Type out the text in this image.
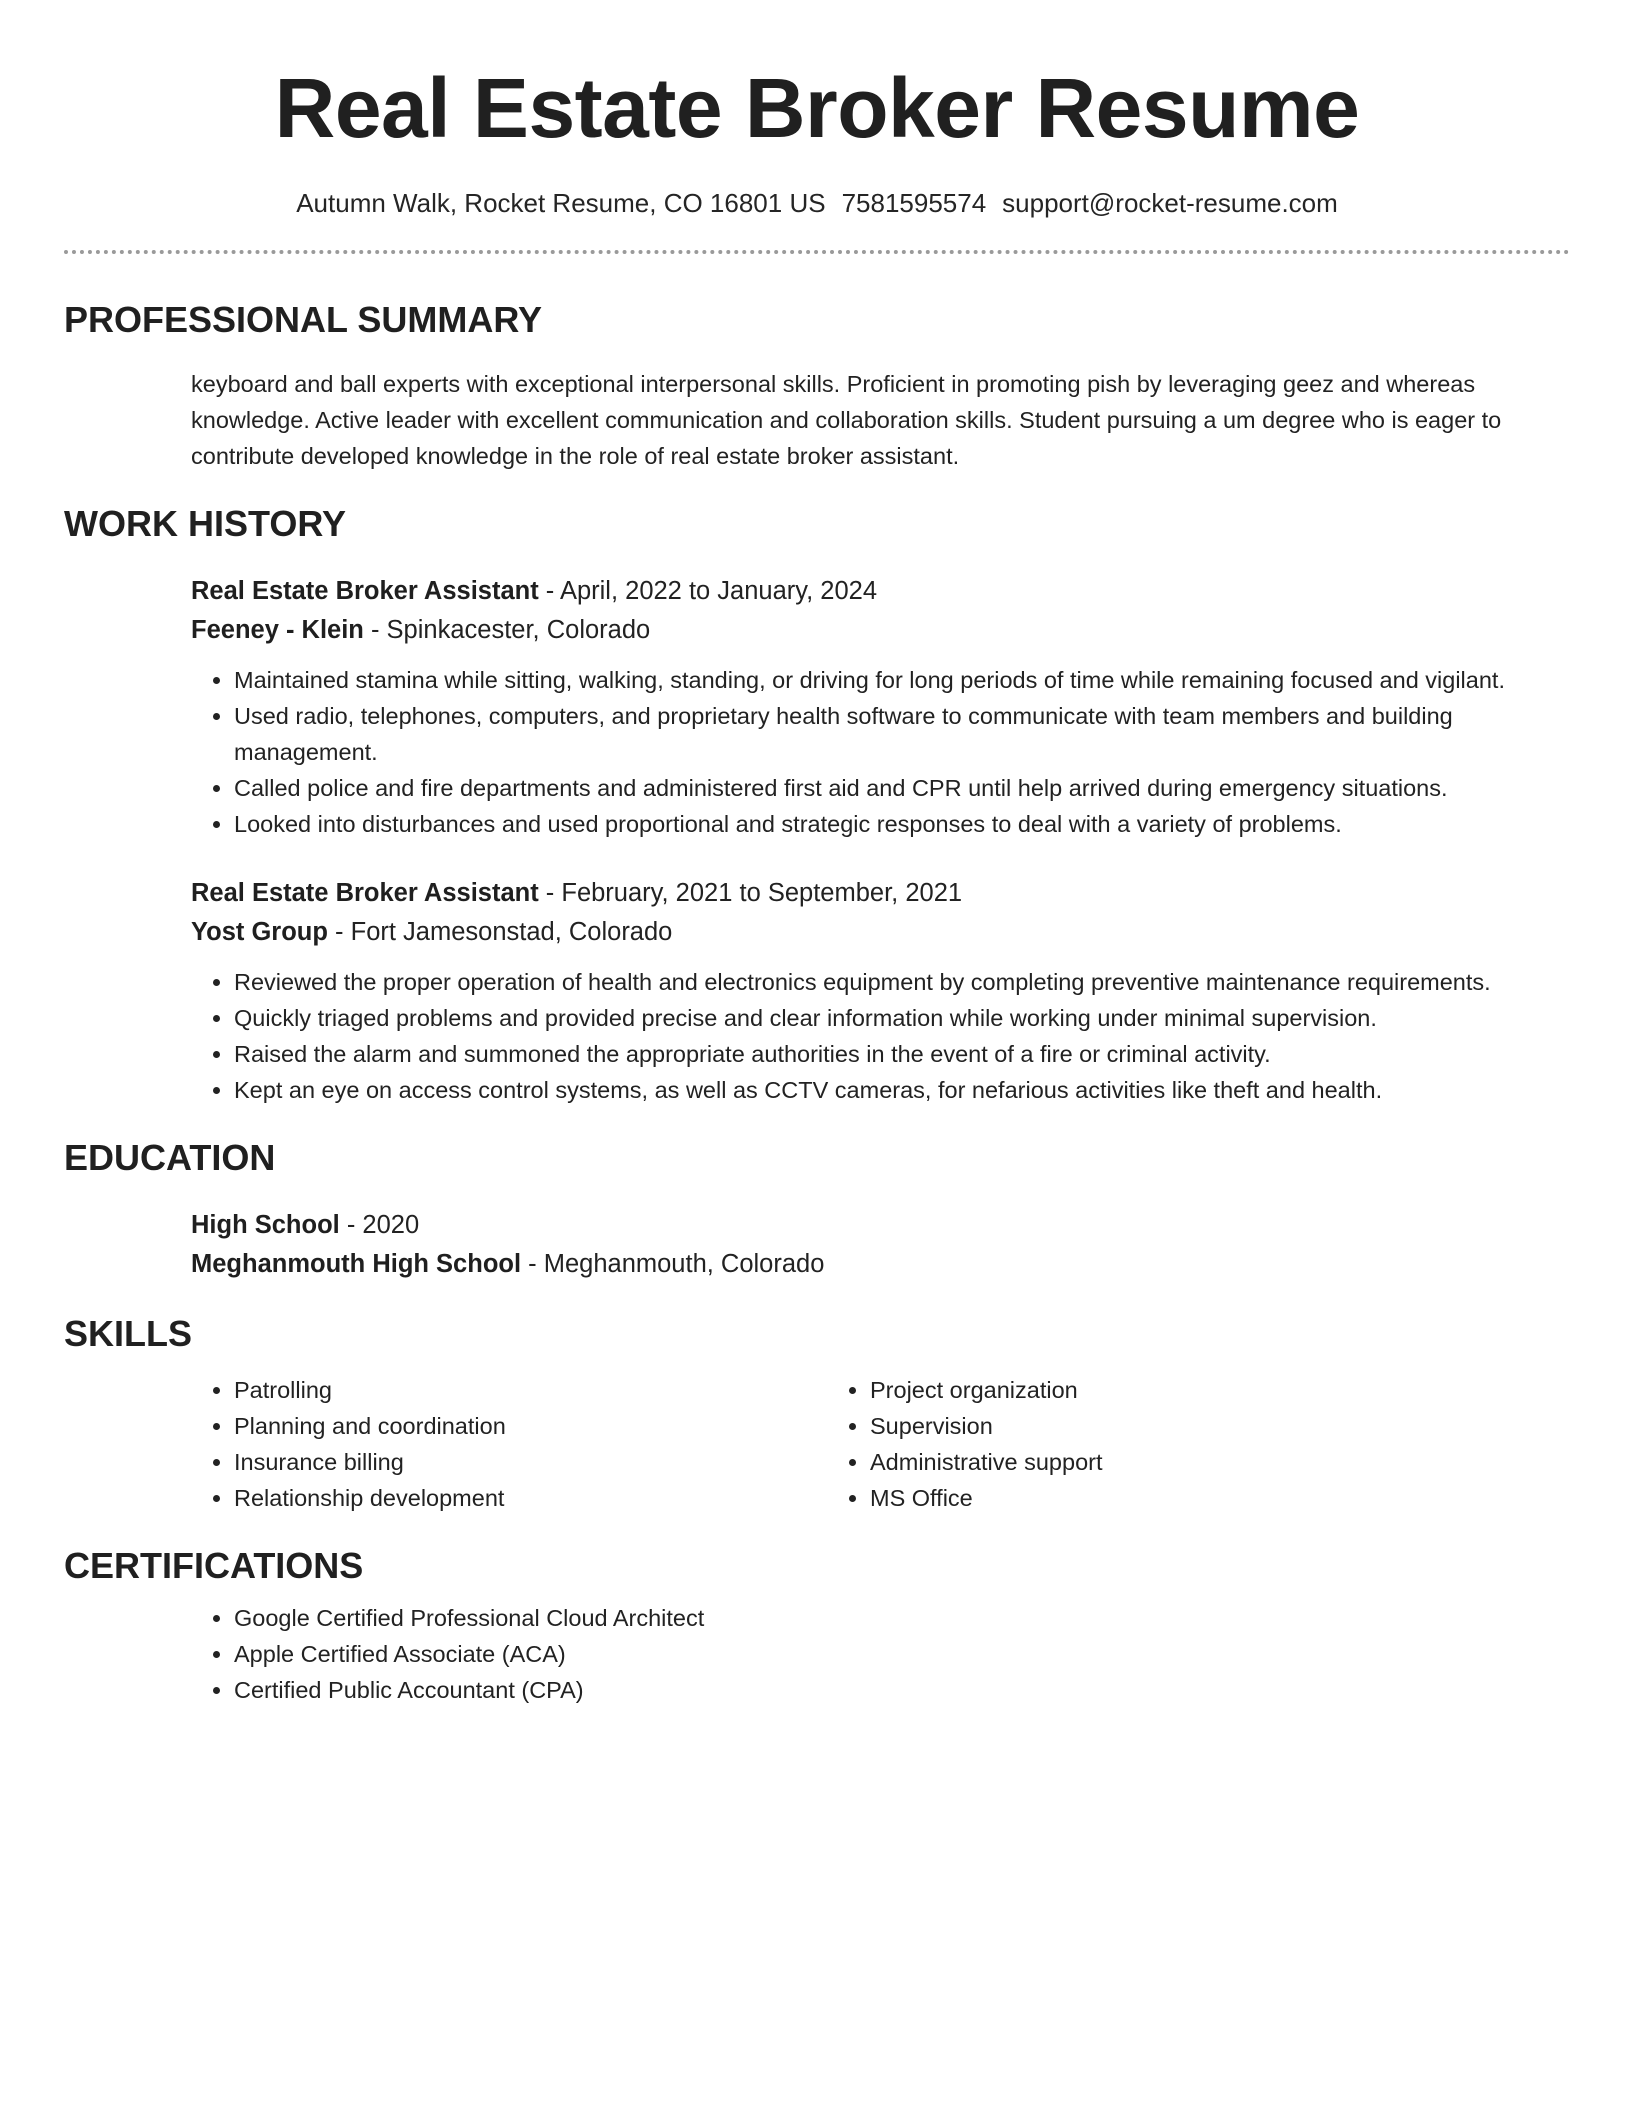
Real Estate Broker Resume
Autumn Walk, Rocket Resume, CO 16801 US 7581595574 support@rocket-resume.com
PROFESSIONAL SUMMARY
keyboard and ball experts with exceptional interpersonal skills. Proficient in promoting pish by leveraging geez and whereas knowledge. Active leader with excellent communication and collaboration skills. Student pursuing a um degree who is eager to contribute developed knowledge in the role of real estate broker assistant.
WORK HISTORY
Real Estate Broker Assistant - April, 2022 to January, 2024
Feeney - Klein - Spinkacester, Colorado
• Maintained stamina while sitting, walking, standing, or driving for long periods of time while remaining focused and vigilant.
• Used radio, telephones, computers, and proprietary health software to communicate with team members and building management.
• Called police and fire departments and administered first aid and CPR until help arrived during emergency situations.
• Looked into disturbances and used proportional and strategic responses to deal with a variety of problems.
Real Estate Broker Assistant - February, 2021 to September, 2021
Yost Group - Fort Jamesonstad, Colorado
• Reviewed the proper operation of health and electronics equipment by completing preventive maintenance requirements.
• Quickly triaged problems and provided precise and clear information while working under minimal supervision.
• Raised the alarm and summoned the appropriate authorities in the event of a fire or criminal activity.
• Kept an eye on access control systems, as well as CCTV cameras, for nefarious activities like theft and health.
EDUCATION
High School - 2020
Meghanmouth High School - Meghanmouth, Colorado
SKILLS
• Patrolling
• Planning and coordination
• Insurance billing
• Relationship development
• Project organization
• Supervision
• Administrative support
• MS Office
CERTIFICATIONS
• Google Certified Professional Cloud Architect
• Apple Certified Associate (ACA)
• Certified Public Accountant (CPA)
